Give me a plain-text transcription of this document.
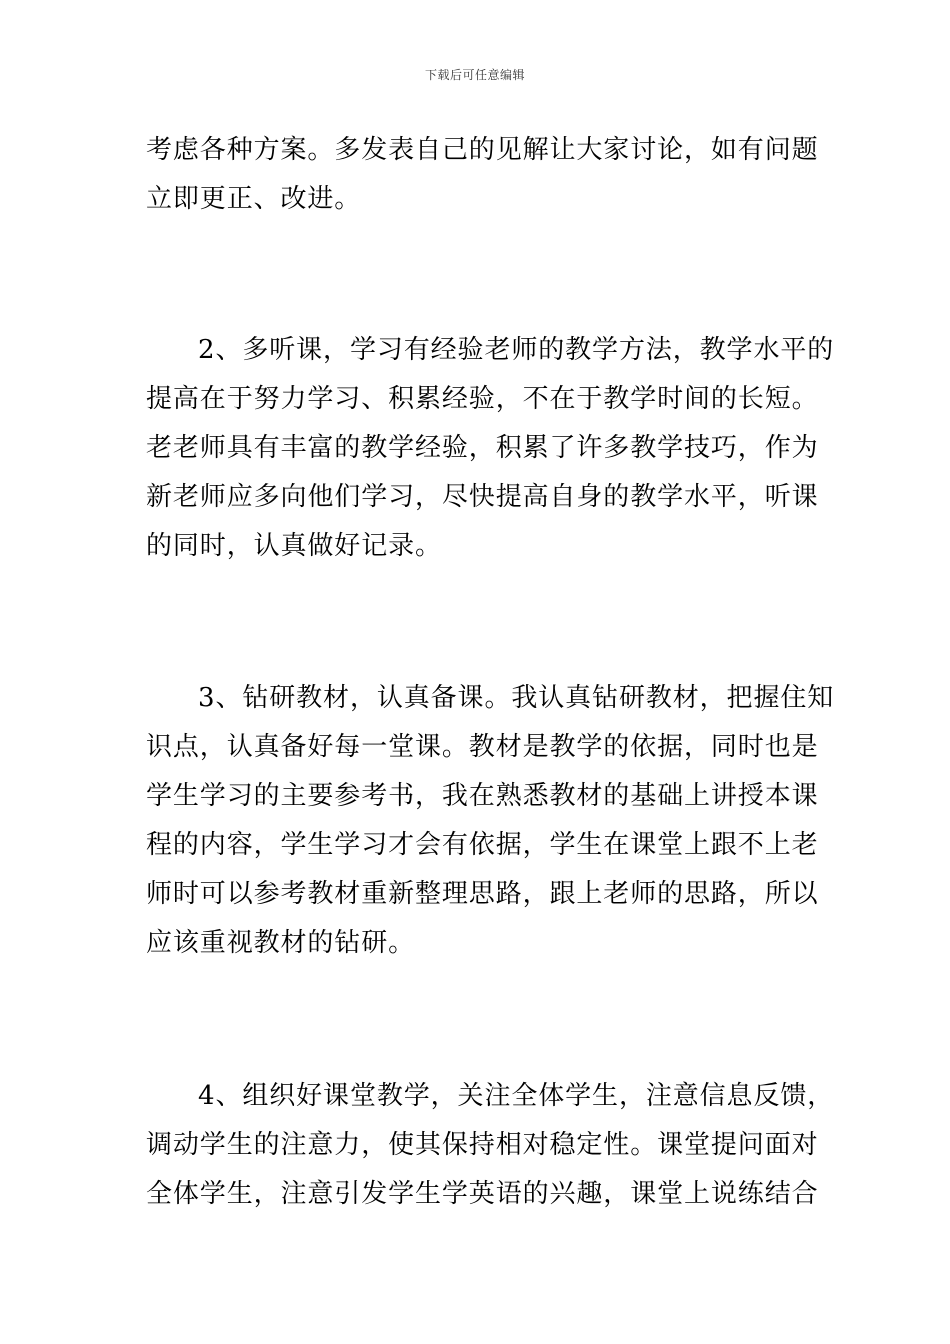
下载后可任意编辑
考虑各种方案。多发表自己的见解让大家讨论，如有问题
立即更正、改进。
2、多听课，学习有经验老师的教学方法，教学水平的
提高在于努力学习、积累经验，不在于教学时间的长短。
老老师具有丰富的教学经验，积累了许多教学技巧，作为
新老师应多向他们学习，尽快提高自身的教学水平，听课
的同时，认真做好记录。
3、钻研教材，认真备课。我认真钻研教材，把握住知
识点，认真备好每一堂课。教材是教学的依据，同时也是
学生学习的主要参考书，我在熟悉教材的基础上讲授本课
程的内容，学生学习才会有依据，学生在课堂上跟不上老
师时可以参考教材重新整理思路，跟上老师的思路，所以
应该重视教材的钻研。
4、组织好课堂教学，关注全体学生，注意信息反馈，
调动学生的注意力，使其保持相对稳定性。课堂提问面对
全体学生，注意引发学生学英语的兴趣，课堂上说练结合
